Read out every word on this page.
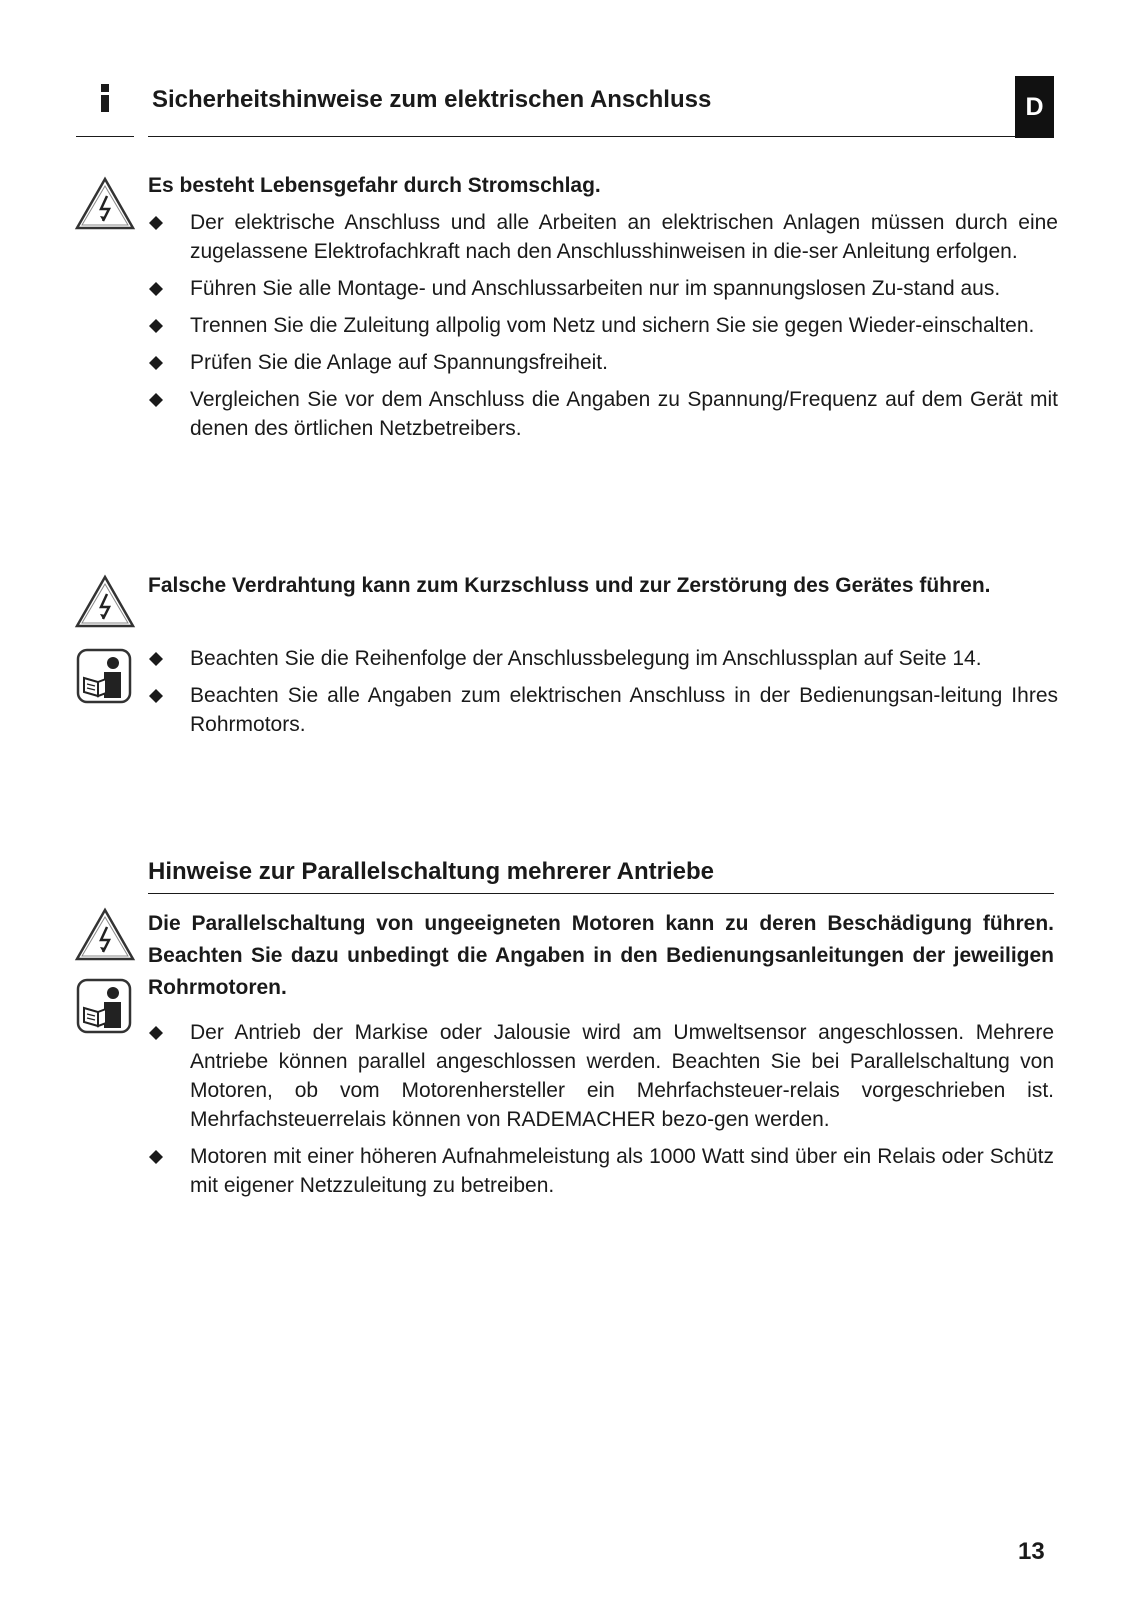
Sicherheitshinweise zum elektrischen Anschluss	D
Es besteht Lebensgefahr durch Stromschlag.
Der elektrische Anschluss und alle Arbeiten an elektrischen Anlagen müssen durch eine zugelassene Elektrofachkraft nach den Anschlusshinweisen in die-ser Anleitung erfolgen.
Führen Sie alle Montage- und Anschlussarbeiten nur im spannungslosen Zu-stand aus.
Trennen Sie die Zuleitung allpolig vom Netz und sichern Sie sie gegen Wieder-einschalten.
Prüfen Sie die Anlage auf Spannungsfreiheit.
Vergleichen Sie vor dem Anschluss die Angaben zu Spannung/Frequenz auf dem Gerät mit denen des örtlichen Netzbetreibers.
Falsche Verdrahtung kann zum Kurzschluss und zur Zerstörung des Gerätes führen.
Beachten Sie die Reihenfolge der Anschlussbelegung im Anschlussplan auf Seite 14.
Beachten Sie alle Angaben zum elektrischen Anschluss in der Bedienungsan-leitung Ihres Rohrmotors.
Hinweise zur Parallelschaltung mehrerer Antriebe
Die Parallelschaltung von ungeeigneten Motoren kann zu deren Beschädigung führen. Beachten Sie dazu unbedingt die Angaben in den Bedienungsanleitungen der jeweiligen Rohrmotoren.
Der Antrieb der Markise oder Jalousie wird am Umweltsensor angeschlossen. Mehrere Antriebe können parallel angeschlossen werden. Beachten Sie bei Parallelschaltung von Motoren, ob vom Motorenhersteller ein Mehrfachsteuer-relais vorgeschrieben ist. Mehrfachsteuerrelais können von RADEMACHER bezo-gen werden.
Motoren mit einer höheren Aufnahmeleistung als 1000 Watt sind über ein Relais oder Schütz mit eigener Netzzuleitung zu betreiben.
13
